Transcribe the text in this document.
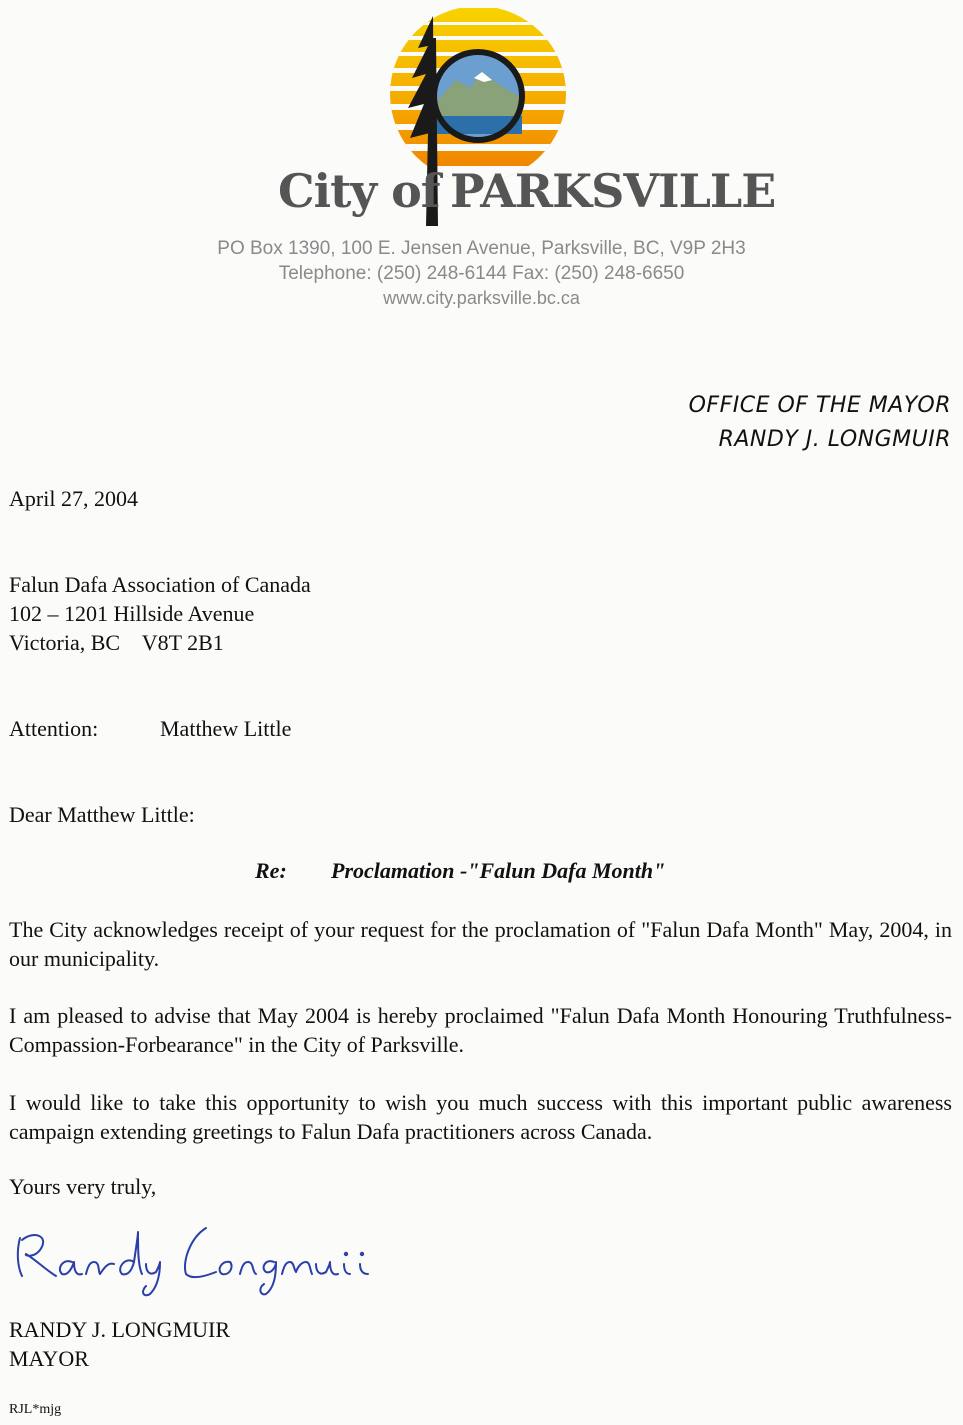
City of PARKSVILLE
PO Box 1390, 100 E. Jensen Avenue, Parksville, BC, V9P 2H3
Telephone: (250) 248-6144 Fax: (250) 248-6650
www.city.parksville.bc.ca
OFFICE OF THE MAYOR
RANDY J. LONGMUIR
April 27, 2004
Falun Dafa Association of Canada
102 – 1201 Hillside Avenue
Victoria, BC    V8T 2B1
Attention:	Matthew Little
Dear Matthew Little:
Re: Proclamation -"Falun Dafa Month"
The City acknowledges receipt of your request for the proclamation of "Falun Dafa Month" May, 2004, in our municipality.
I am pleased to advise that May 2004 is hereby proclaimed "Falun Dafa Month Honouring Truthfulness-Compassion-Forbearance" in the City of Parksville.
I would like to take this opportunity to wish you much success with this important public awareness campaign extending greetings to Falun Dafa practitioners across Canada.
Yours very truly,
RANDY J. LONGMUIR
MAYOR
RJL*mjg
